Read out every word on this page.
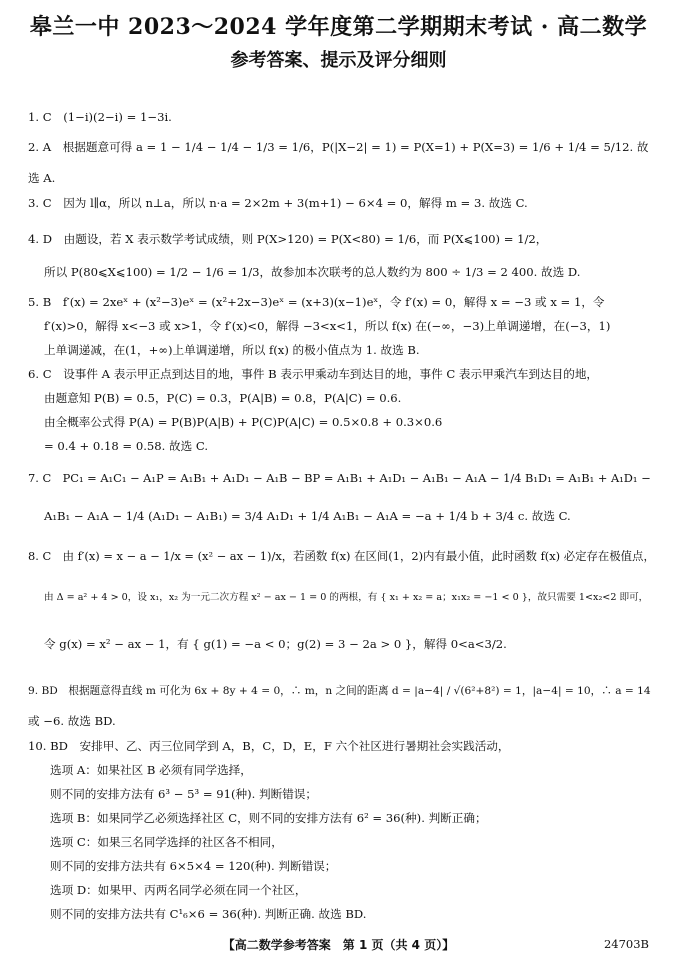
皋兰一中 2023～2024 学年度第二学期期末考试 · 高二数学
参考答案、提示及评分细则
1. C　(1−i)(2−i) = 1−3i.
2. A　根据题意可得 a = 1 − 1/4 − 1/4 − 1/3 = 1/6，P(|X−2| = 1) = P(X=1) + P(X=3) = 1/6 + 1/4 = 5/12. 故
选 A.
3. C　因为 l∥α，所以 n⊥a，所以 n·a = 2×2m + 3(m+1) − 6×4 = 0，解得 m = 3. 故选 C.
4. D　由题设，若 X 表示数学考试成绩，则 P(X>120) = P(X<80) = 1/6，而 P(X⩽100) = 1/2，
所以 P(80⩽X⩽100) = 1/2 − 1/6 = 1/3，故参加本次联考的总人数约为 800 ÷ 1/3 = 2 400. 故选 D.
5. B　f′(x) = 2xeˣ + (x²−3)eˣ = (x²+2x−3)eˣ = (x+3)(x−1)eˣ，令 f′(x) = 0，解得 x = −3 或 x = 1，令
f′(x)>0，解得 x<−3 或 x>1，令 f′(x)<0，解得 −3<x<1，所以 f(x) 在(−∞，−3)上单调递增，在(−3，1)
上单调递减，在(1，+∞)上单调递增，所以 f(x) 的极小值点为 1. 故选 B.
6. C　设事件 A 表示甲正点到达目的地，事件 B 表示甲乘动车到达目的地，事件 C 表示甲乘汽车到达目的地，
由题意知 P(B) = 0.5，P(C) = 0.3，P(A|B) = 0.8，P(A|C) = 0.6.
由全概率公式得 P(A) = P(B)P(A|B) + P(C)P(A|C) = 0.5×0.8 + 0.3×0.6
= 0.4 + 0.18 = 0.58. 故选 C.
7. C　PC₁ = A₁C₁ − A₁P = A₁B₁ + A₁D₁ − A₁B − BP = A₁B₁ + A₁D₁ − A₁B₁ − A₁A − 1/4 B₁D₁ = A₁B₁ + A₁D₁ −
A₁B₁ − A₁A − 1/4 (A₁D₁ − A₁B₁) = 3/4 A₁D₁ + 1/4 A₁B₁ − A₁A = −a + 1/4 b + 3/4 c. 故选 C.
8. C　由 f′(x) = x − a − 1/x = (x² − ax − 1)/x，若函数 f(x) 在区间(1，2)内有最小值，此时函数 f(x) 必定存在极值点，
由 Δ = a² + 4 > 0，设 x₁，x₂ 为一元二次方程 x² − ax − 1 = 0 的两根，有 { x₁ + x₂ = a；x₁x₂ = −1 < 0 }，故只需要 1<x₂<2 即可，
令 g(x) = x² − ax − 1，有 { g(1) = −a < 0；g(2) = 3 − 2a > 0 }，解得 0<a<3/2.
9. BD　根据题意得直线 m 可化为 6x + 8y + 4 = 0，∴ m，n 之间的距离 d = |a−4| / √(6²+8²) = 1，|a−4| = 10，∴ a = 14
或 −6. 故选 BD.
10. BD　安排甲、乙、丙三位同学到 A，B，C，D，E，F 六个社区进行暑期社会实践活动，
选项 A：如果社区 B 必须有同学选择，
则不同的安排方法有 6³ − 5³ = 91(种). 判断错误；
选项 B：如果同学乙必须选择社区 C，则不同的安排方法有 6² = 36(种). 判断正确；
选项 C：如果三名同学选择的社区各不相同，
则不同的安排方法共有 6×5×4 = 120(种). 判断错误；
选项 D：如果甲、丙两名同学必须在同一个社区，
则不同的安排方法共有 C¹₆×6 = 36(种). 判断正确. 故选 BD.
【高二数学参考答案　第 1 页（共 4 页）】	24703B
